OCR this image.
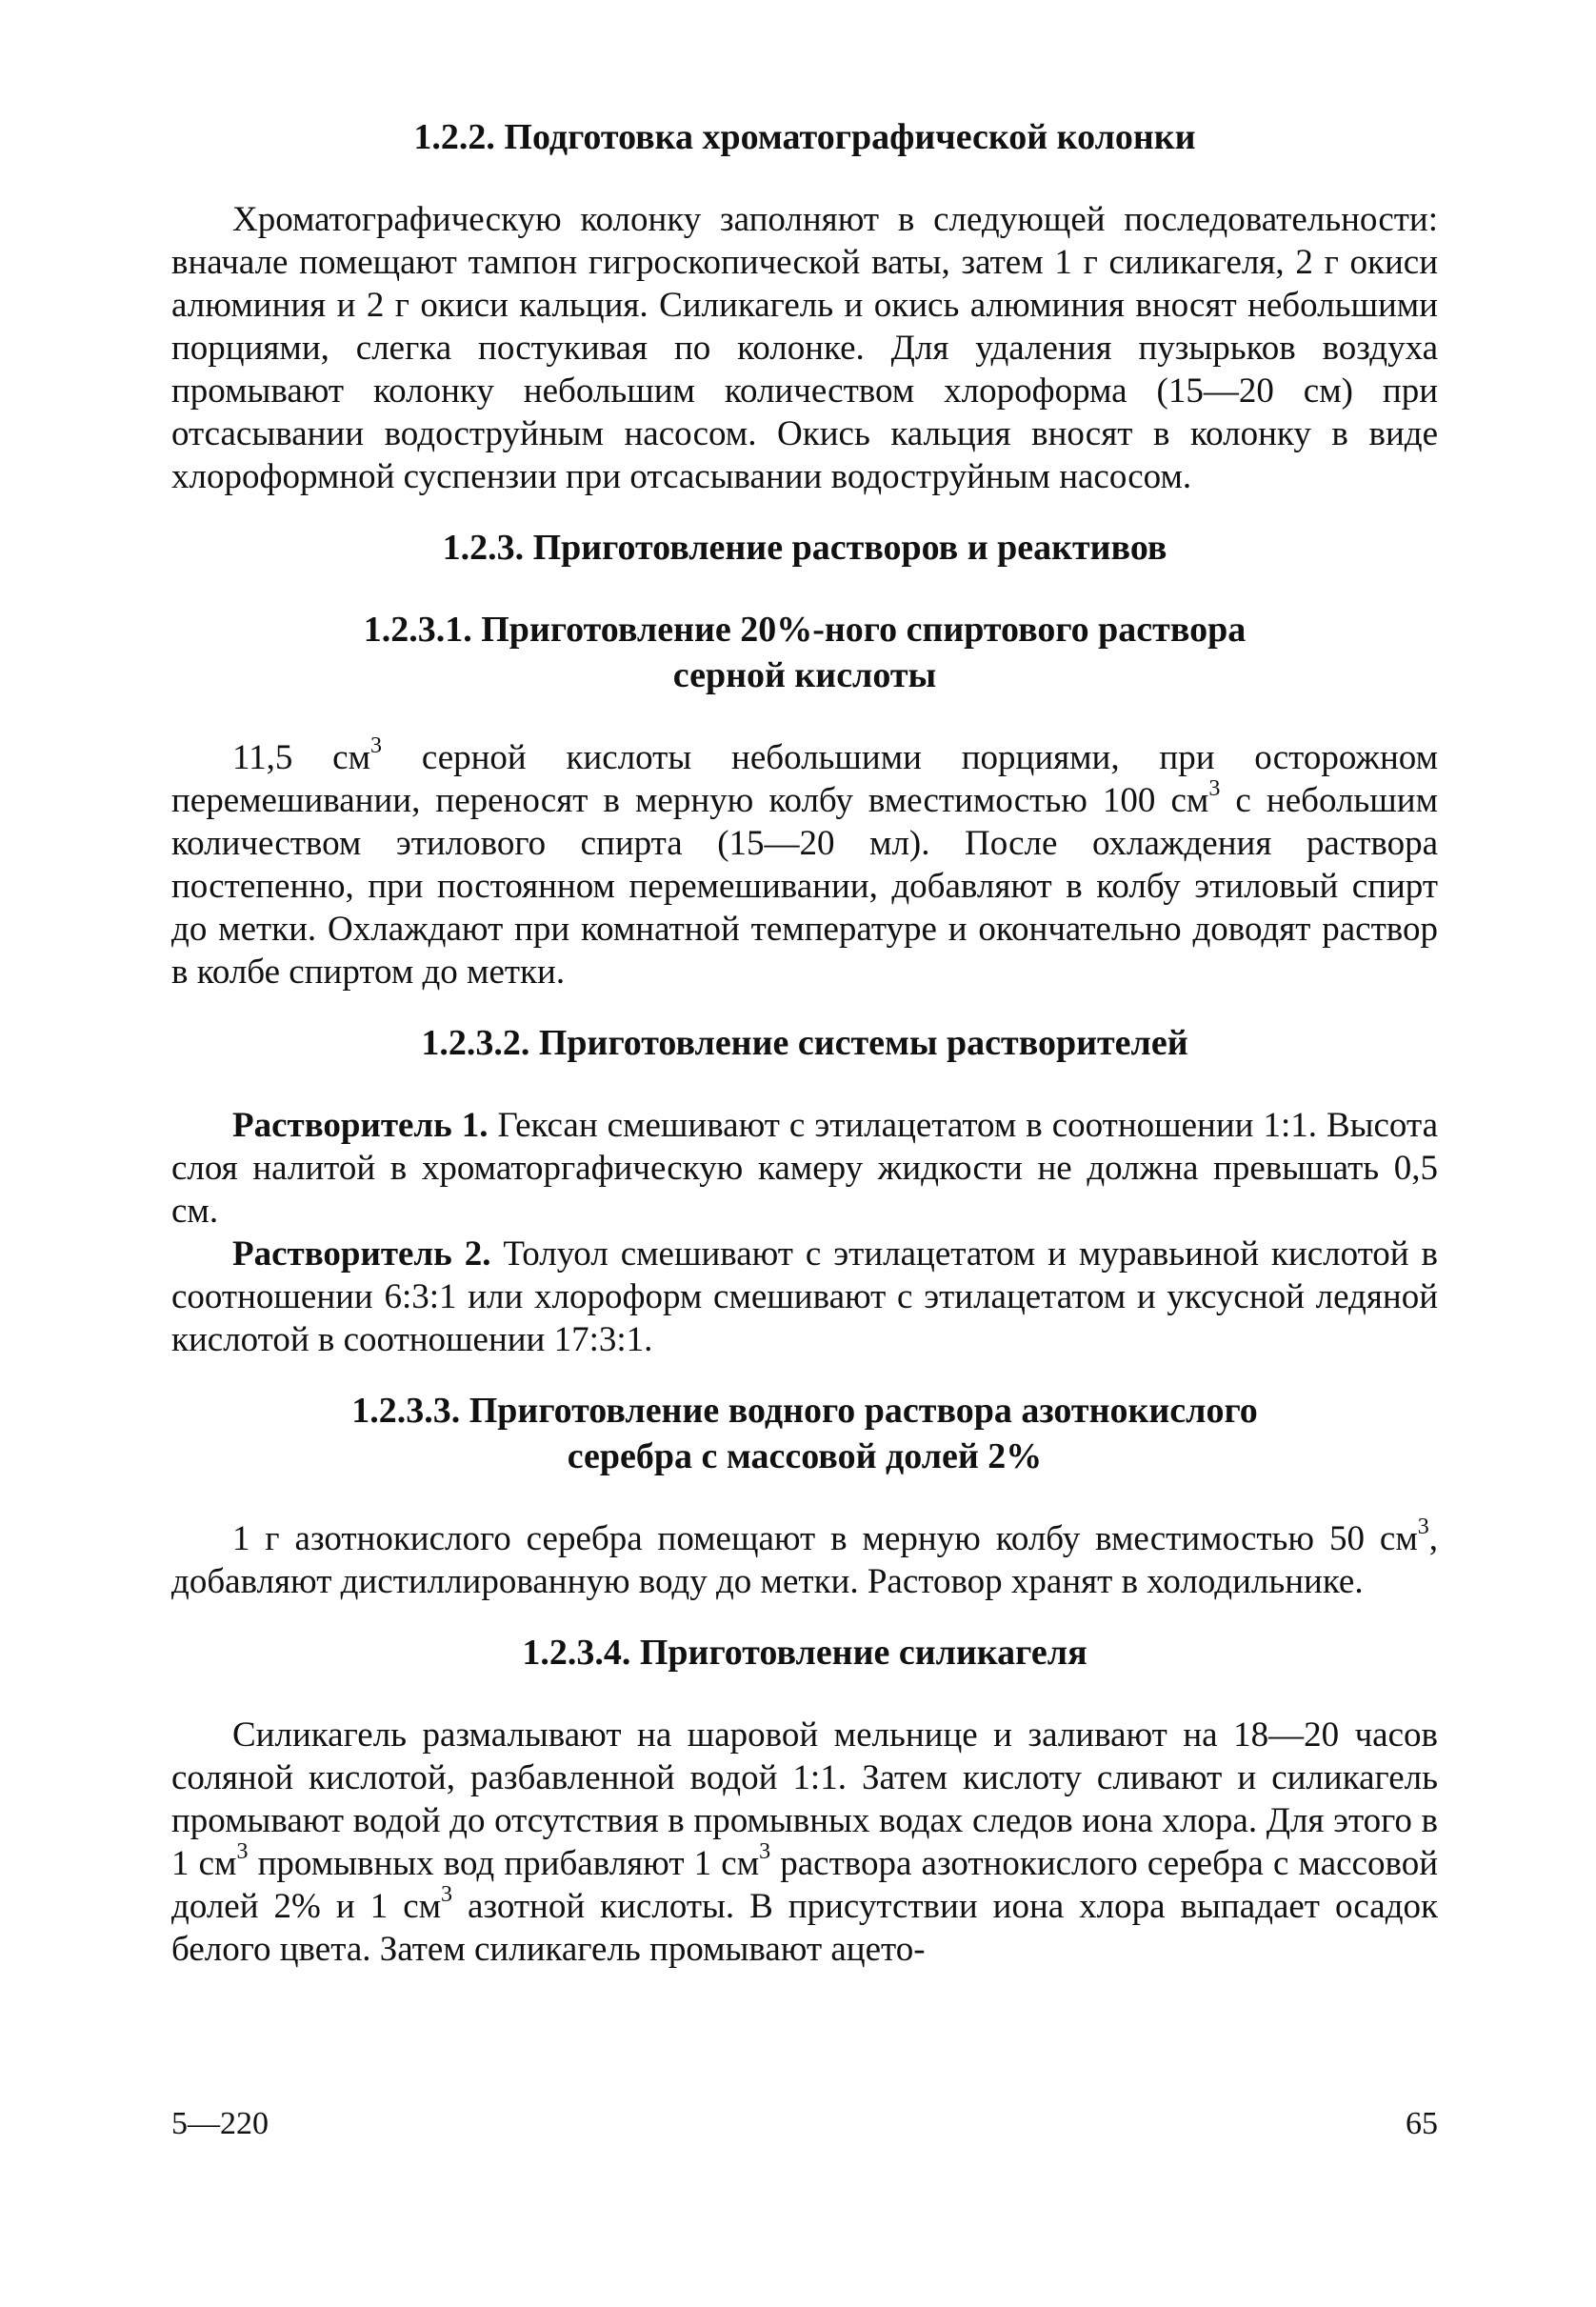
1.2.2. Подготовка хроматографической колонки

Хроматографическую колонку заполняют в следующей последовательности: вначале помещают тампон гигроскопической ваты, затем 1 г силикагеля, 2 г окиси алюминия и 2 г окиси кальция. Силикагель и окись алюминия вносят небольшими порциями, слегка постукивая по колонке. Для удаления пузырьков воздуха промывают колонку небольшим количеством хлороформа (15—20 см) при отсасывании водоструйным насосом. Окись кальция вносят в колонку в виде хлороформной суспензии при отсасывании водоструйным насосом.

1.2.3. Приготовление растворов и реактивов
1.2.3.1. Приготовление 20%-ного спиртового раствора
серной кислоты

11,5 $см^3$ серной кислоты небольшими порциями, при осторожном перемешивании, переносят в мерную колбу вместимостью 100 $см^3$ с небольшим количеством этилового спирта (15—20 мл). После охлаждения раствора постепенно, при постоянном перемешивании, добавляют в колбу этиловый спирт до метки. Охлаждают при комнатной температуре и окончательно доводят раствор в колбе спиртом до метки.

1.2.3.2. Приготовление системы растворителей

Растворитель 1. Гексан смешивают с этилацетатом в соотношении 1:1. Высота слоя налитой в хроматоргафическую камеру жидкости не должна превышать 0,5 см.

Растворитель 2. Толуол смешивают с этилацетатом и муравьиной кислотой в соотношении 6:3:1 или хлороформ смешивают с этилацетатом и уксусной ледяной кислотой в соотношении 17:3:1.

1.2.3.3. Приготовление водного раствора азотнокислого
серебра с массовой долей 2%

1 г азотнокислого серебра помещают в мерную колбу вместимостью 50 $см^3$, добавляют дистиллированную воду до метки. Растовор хранят в холодильнике.

1.2.3.4. Приготовление силикагеля

Силикагель размалывают на шаровой мельнице и заливают на 18—20 часов соляной кислотой, разбавленной водой 1:1. Затем кислоту сливают и силикагель промывают водой до отсутствия в промывных водах следов иона хлора. Для этого в 1 $см^3$ промывных вод прибавляют 1 $см^3$ раствора азотнокислого серебра с массовой долей 2% и 1 $см^3$ азотной кислоты. В присутствии иона хлора выпадает осадок белого цвета. Затем силикагель промывают ацето-

5—220	65
